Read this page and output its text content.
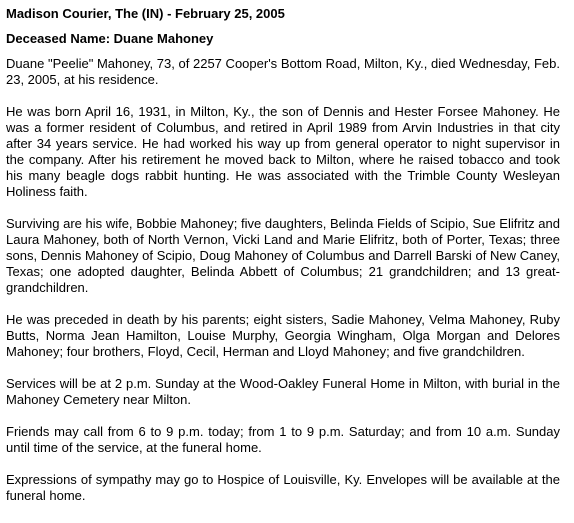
Madison Courier, The (IN) - February 25, 2005
Deceased Name: Duane Mahoney

Duane "Peelie" Mahoney, 73, of 2257 Cooper's Bottom Road, Milton, Ky., died Wednesday, Feb. 23, 2005, at his residence.

He was born April 16, 1931, in Milton, Ky., the son of Dennis and Hester Forsee Mahoney. He was a former resident of Columbus, and retired in April 1989 from Arvin Industries in that city after 34 years service. He had worked his way up from general operator to night supervisor in the company. After his retirement he moved back to Milton, where he raised tobacco and took his many beagle dogs rabbit hunting. He was associated with the Trimble County Wesleyan Holiness faith.

Surviving are his wife, Bobbie Mahoney; five daughters, Belinda Fields of Scipio, Sue Elifritz and Laura Mahoney, both of North Vernon, Vicki Land and Marie Elifritz, both of Porter, Texas; three sons, Dennis Mahoney of Scipio, Doug Mahoney of Columbus and Darrell Barski of New Caney, Texas; one adopted daughter, Belinda Abbett of Columbus; 21 grandchildren; and 13 great-grandchildren.

He was preceded in death by his parents; eight sisters, Sadie Mahoney, Velma Mahoney, Ruby Butts, Norma Jean Hamilton, Louise Murphy, Georgia Wingham, Olga Morgan and Delores Mahoney; four brothers, Floyd, Cecil, Herman and Lloyd Mahoney; and five grandchildren.

Services will be at 2 p.m. Sunday at the Wood-Oakley Funeral Home in Milton, with burial in the Mahoney Cemetery near Milton.

Friends may call from 6 to 9 p.m. today; from 1 to 9 p.m. Saturday; and from 10 a.m. Sunday until time of the service, at the funeral home.

Expressions of sympathy may go to Hospice of Louisville, Ky. Envelopes will be available at the funeral home.
